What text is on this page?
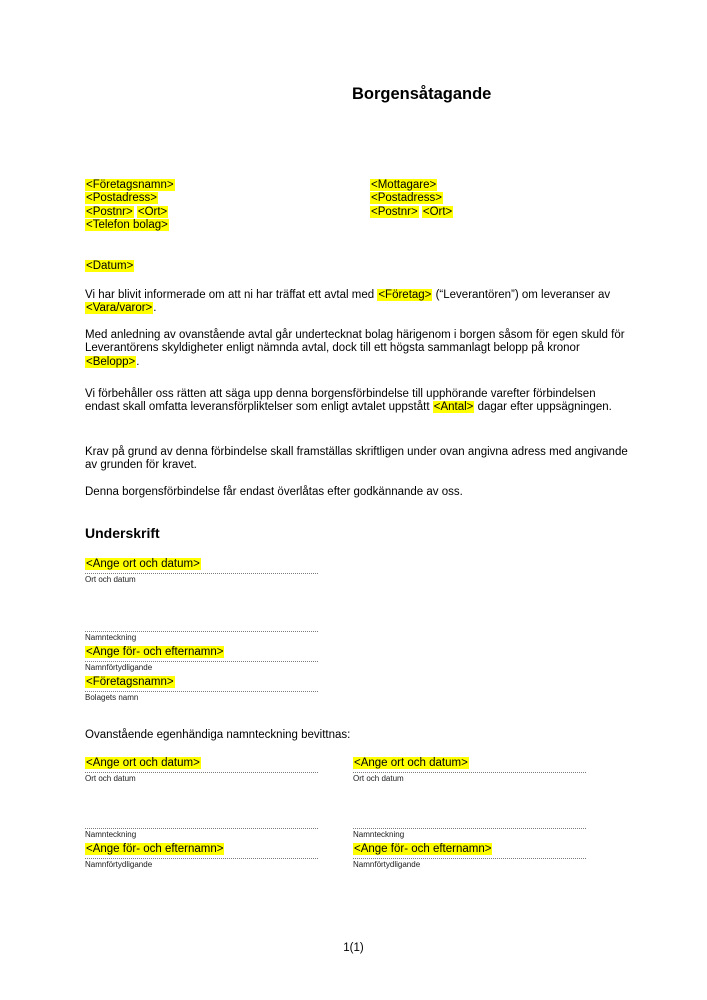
Borgensåtagande
<Företagsnamn>
<Postadress>
<Postnr> <Ort>
<Telefon bolag>
<Mottagare>
<Postadress>
<Postnr> <Ort>
<Datum>

Vi har blivit informerade om att ni har träffat ett avtal med <Företag> (“Leverantören”) om leveranser av <Vara/varor>.

Med anledning av ovanstående avtal går undertecknat bolag härigenom i borgen såsom för egen skuld för Leverantörens skyldigheter enligt nämnda avtal, dock till ett högsta sammanlagt belopp på kronor <Belopp>.

Vi förbehåller oss rätten att säga upp denna borgensförbindelse till upphörande varefter förbindelsen endast skall omfatta leveransförpliktelser som enligt avtalet uppstått <Antal> dagar efter uppsägningen.

Krav på grund av denna förbindelse skall framställas skriftligen under ovan angivna adress med angivande av grunden för kravet.

Denna borgensförbindelse får endast överlåtas efter godkännande av oss.

Underskrift
<Ange ort och datum>
Ort och datum
Namnteckning
<Ange för- och efternamn>
Namnförtydligande
<Företagsnamn>
Bolagets namn

Ovanstående egenhändiga namnteckning bevittnas:

<Ange ort och datum>
Ort och datum
Namnteckning
<Ange för- och efternamn>
Namnförtydligande
<Ange ort och datum>
Ort och datum
Namnteckning
<Ange för- och efternamn>
Namnförtydligande
1(1)
